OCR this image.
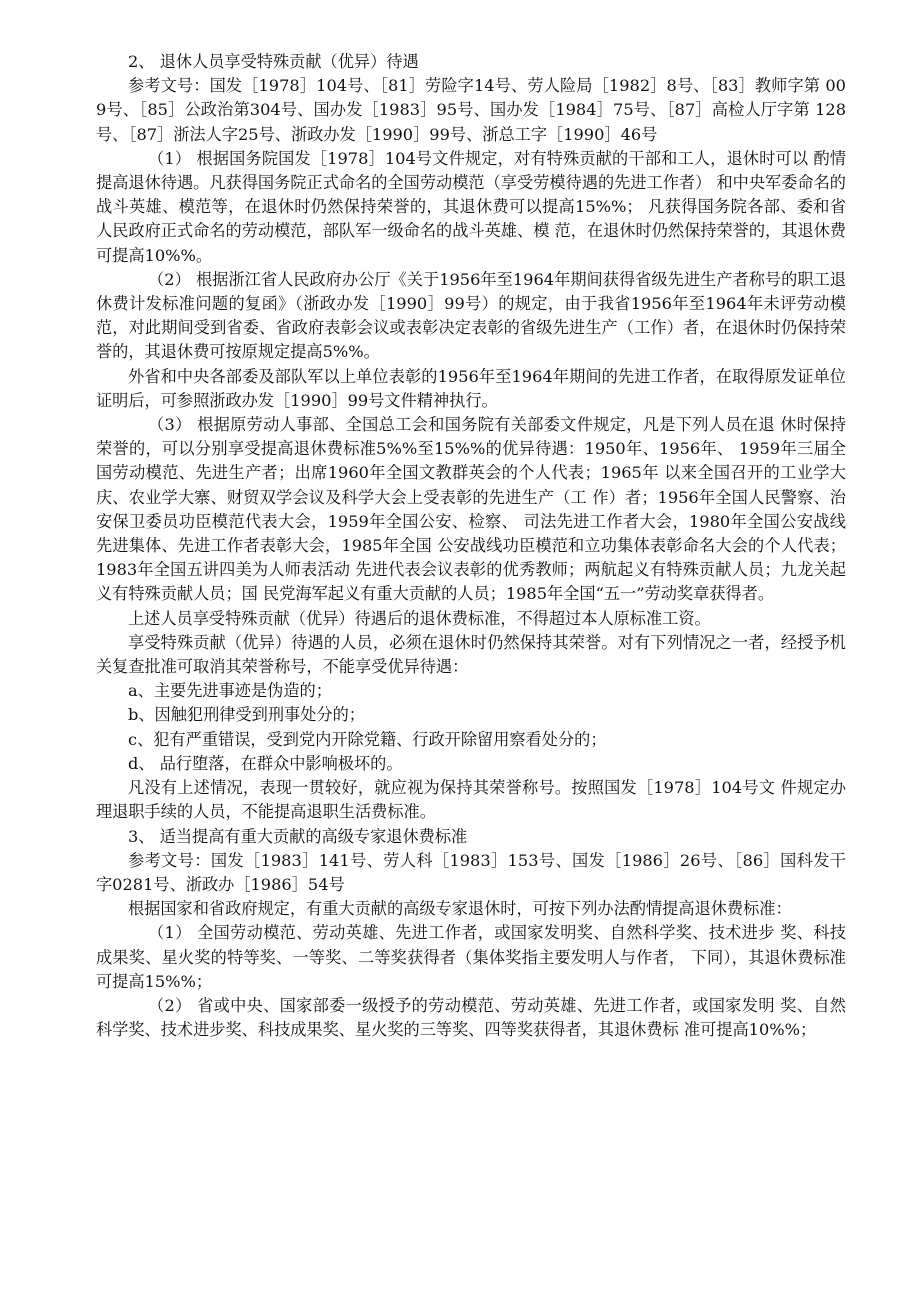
2、 退休人员享受特殊贡献（优异）待遇

参考文号：国发［1978］104号、［81］劳险字14号、劳人险局［1982］8号、［83］教师字第 009号、［85］公政治第304号、国办发［1983］95号、国办发［1984］75号、［87］高检人厅字第 128号、［87］浙法人字25号、浙政办发［1990］99号、浙总工字［1990］46号

（1） 根据国务院国发［1978］104号文件规定，对有特殊贡献的干部和工人，退休时可以 酌情提高退休待遇。凡获得国务院正式命名的全国劳动模范（享受劳模待遇的先进工作者） 和中央军委命名的战斗英雄、模范等，在退休时仍然保持荣誉的，其退休费可以提高15%%； 凡获得国务院各部、委和省人民政府正式命名的劳动模范，部队军一级命名的战斗英雄、模 范，在退休时仍然保持荣誉的，其退休费可提高10%%。

（2） 根据浙江省人民政府办公厅《关于1956年至1964年期间获得省级先进生产者称号的职工退休费计发标准问题的复函》（浙政办发［1990］99号）的规定，由于我省1956年至1964年未评劳动模范，对此期间受到省委、省政府表彰会议或表彰决定表彰的省级先进生产（工作）者，在退休时仍保持荣誉的，其退休费可按原规定提高5%%。

外省和中央各部委及部队军以上单位表彰的1956年至1964年期间的先进工作者，在取得原发证单位证明后，可参照浙政办发［1990］99号文件精神执行。

（3） 根据原劳动人事部、全国总工会和国务院有关部委文件规定，凡是下列人员在退 休时保持荣誉的，可以分别享受提高退休费标准5%%至15%%的优异待遇：1950年、1956年、 1959年三届全国劳动模范、先进生产者；出席1960年全国文教群英会的个人代表；1965年 以来全国召开的工业学大庆、农业学大寨、财贸双学会议及科学大会上受表彰的先进生产（工 作）者；1956年全国人民警察、治安保卫委员功臣模范代表大会，1959年全国公安、检察、 司法先进工作者大会，1980年全国公安战线先进集体、先进工作者表彰大会，1985年全国 公安战线功臣模范和立功集体表彰命名大会的个人代表；1983年全国五讲四美为人师表活动 先进代表会议表彰的优秀教师；两航起义有特殊贡献人员；九龙关起义有特殊贡献人员；国 民党海军起义有重大贡献的人员；1985年全国“五一”劳动奖章获得者。

上述人员享受特殊贡献（优异）待遇后的退休费标准，不得超过本人原标准工资。

享受特殊贡献（优异）待遇的人员，必须在退休时仍然保持其荣誉。对有下列情况之一者，经授予机关复查批准可取消其荣誉称号，不能享受优异待遇：

a、主要先进事迹是伪造的；

b、因触犯刑律受到刑事处分的；

c、犯有严重错误，受到党内开除党籍、行政开除留用察看处分的；

d、 品行堕落，在群众中影响极坏的。

凡没有上述情况，表现一贯较好，就应视为保持其荣誉称号。按照国发［1978］104号文 件规定办理退职手续的人员，不能提高退职生活费标准。

3、 适当提高有重大贡献的高级专家退休费标准

参考文号：国发［1983］141号、劳人科［1983］153号、国发［1986］26号、［86］国科发干 字0281号、浙政办［1986］54号

根据国家和省政府规定，有重大贡献的高级专家退休时，可按下列办法酌情提高退休费标准：

（1） 全国劳动模范、劳动英雄、先进工作者，或国家发明奖、自然科学奖、技术进步 奖、科技成果奖、星火奖的特等奖、一等奖、二等奖获得者（集体奖指主要发明人与作者， 下同），其退休费标准可提高15%%；

（2） 省或中央、国家部委一级授予的劳动模范、劳动英雄、先进工作者，或国家发明 奖、自然科学奖、技术进步奖、科技成果奖、星火奖的三等奖、四等奖获得者，其退休费标 准可提高10%%；
